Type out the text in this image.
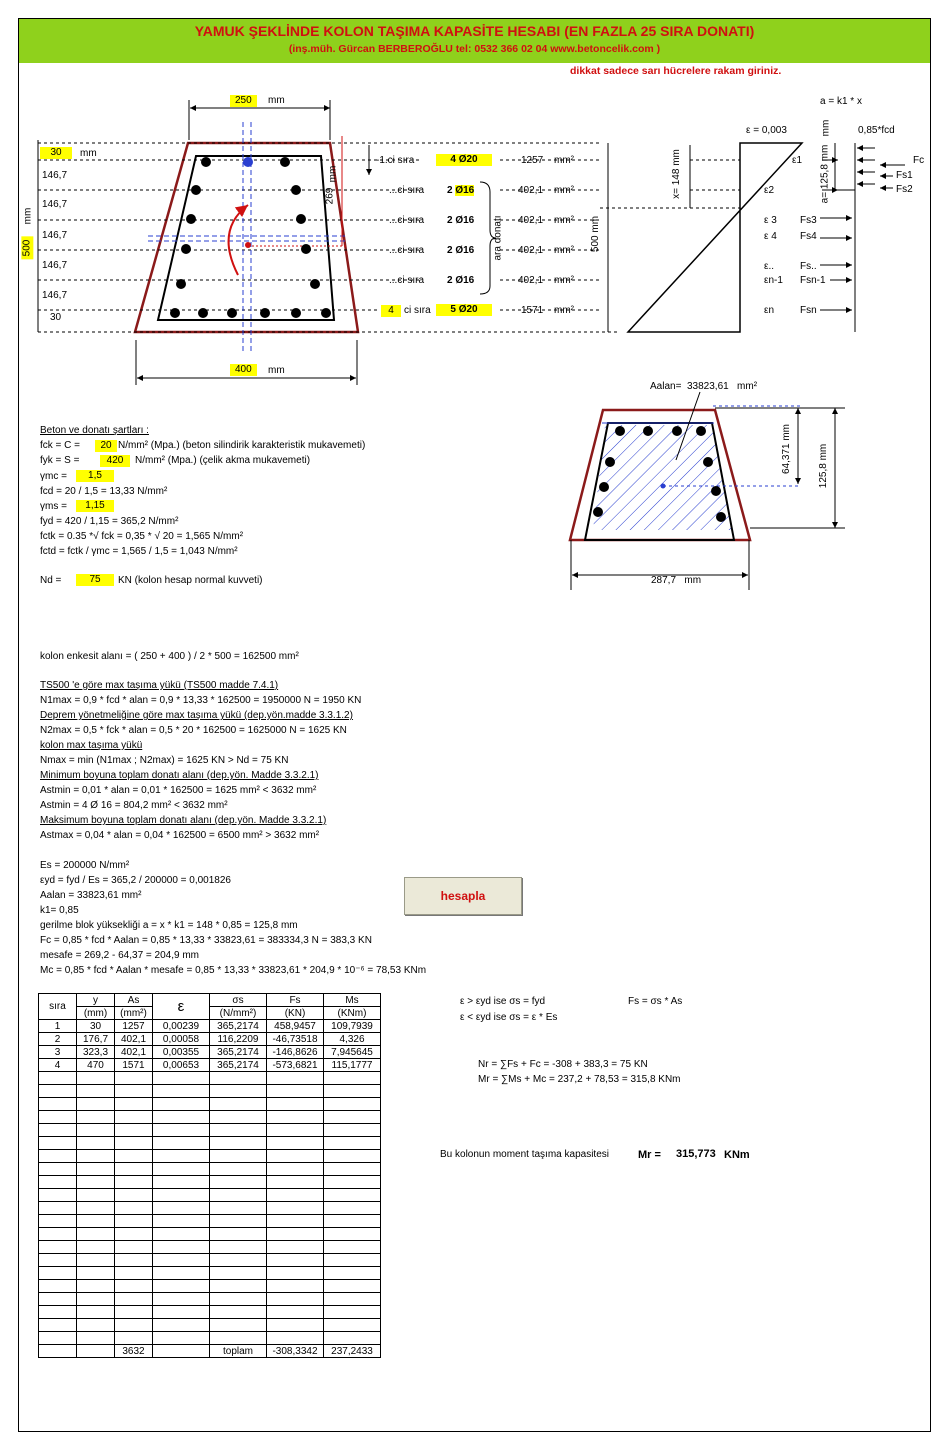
YAMUK ŞEKLİNDE KOLON TAŞIMA KAPASİTE HESABI (EN FAZLA 25 SIRA DONATI)
(inş.müh. Gürcan BERBEROĞLU tel: 0532 366 02 04 www.betoncelik.com )
dikkat sadece sarı hücrelere rakam giriniz.
250	mm
30	mm
146,7
146,7
146,7
146,7
146,7
30
500
mm
269
mm
400	mm
-1.ci sıra	4 Ø20	1257 mm²
...ci sıra 2 Ø16	402,1 mm²
...ci sıra 2 Ø16	402,1 mm²
...ci sıra 2 Ø16	402,1 mm²
...ci sıra 2 Ø16	402,1 mm²
4	ci sıra	5 Ø20	1571 mm²
ara donatı
a = k1 * x
ε = 0,003	mm	0,85*fcd
x= 148 mm	a= 125,8 mm
500 mm
ε1
ε2
ε 3
ε 4
ε..
εn-1
εn
Fc
Fs1
Fs2
Fs3
Fs4
Fs..
Fsn-1
Fsn
Aalan= 33823,61 mm²
64,371 mm	125,8 mm
287,7 mm
Beton ve donatı şartları :
fck = C =	20 N/mm² (Mpa.) (beton silindirik karakteristik mukavemeti)
fyk = S =	420	N/mm² (Mpa.) (çelik akma mukavemeti)
γmc =	1,5
fcd = 20 / 1,5 = 13,33 N/mm²
γms =	1,15
fyd = 420 / 1,15 = 365,2 N/mm²
fctk = 0.35 *√ fck = 0,35 * √ 20 = 1,565 N/mm²
fctd = fctk / γmc = 1,565 / 1,5 = 1,043 N/mm²
Nd =	75	KN (kolon hesap normal kuvveti)
kolon enkesit alanı = ( 250 + 400 ) / 2 * 500 = 162500 mm²
TS500 'e göre max taşıma yükü (TS500 madde 7.4.1)
N1max = 0,9 * fcd * alan = 0,9 * 13,33 * 162500 = 1950000 N = 1950 KN
Deprem yönetmeliğine göre max taşıma yükü (dep.yön.madde 3.3.1.2)
N2max = 0,5 * fck * alan = 0,5 * 20 * 162500 = 1625000 N = 1625 KN
kolon max taşıma yükü
Nmax = min (N1max ; N2max) = 1625 KN > Nd = 75 KN
Minimum boyuna toplam donatı alanı (dep.yön. Madde 3.3.2.1)
Astmin = 0,01 * alan = 0,01 * 162500 = 1625 mm² < 3632 mm²
Astmin = 4 Ø 16 = 804,2 mm² < 3632 mm²
Maksimum boyuna toplam donatı alanı (dep.yön. Madde 3.3.2.1)
Astmax = 0,04 * alan = 0,04 * 162500 = 6500 mm² > 3632 mm²
Es = 200000 N/mm²
εyd = fyd / Es = 365,2 / 200000 = 0,001826
Aalan = 33823,61 mm²
k1= 0,85
gerilme blok yüksekliği a = x * k1 = 148 * 0,85 = 125,8 mm
Fc = 0,85 * fcd * Aalan = 0,85 * 13,33 * 33823,61 = 383334,3 N = 383,3 KN
mesafe = 269,2 - 64,37 = 204,9 mm
Mc = 0,85 * fcd * Aalan * mesafe = 0,85 * 13,33 * 33823,61 * 204,9 * 10⁻⁶ = 78,53 KNm
hesapla
sıra	y	As	ε	σs	Fs	Ms
	(mm)	(mm²)		(N/mm²)	(KN)	(KNm)
1	30	1257	0,00239	365,2174	458,9457	109,7939
2	176,7	402,1	0,00058	116,2209	-46,73518	4,326
3	323,3	402,1	0,00355	365,2174	-146,8626	7,945645
4	470	1571	0,00653	365,2174	-573,6821	115,1777

		3632		toplam	-308,3342	237,2433
ε > εyd ise σs = fyd	Fs = σs * As
ε < εyd ise σs = ε * Es
Nr = ∑Fs + Fc = -308 + 383,3 = 75 KN
Mr = ∑Ms + Mc = 237,2 + 78,53 = 315,8 KNm
Bu kolonun moment taşıma kapasitesi	Mr = 315,773 KNm
